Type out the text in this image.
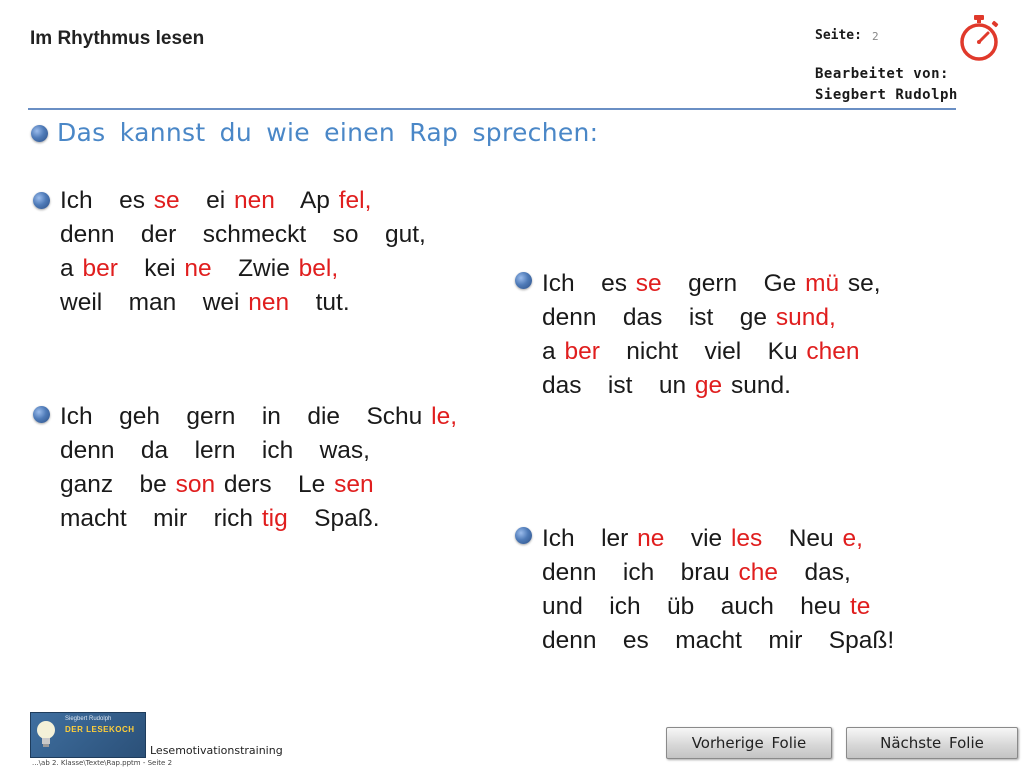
Im Rhythmus lesen	Seite: 2
Bearbeitet von:
Siegbert Rudolph
Das kannst du wie einen Rap sprechen:
Ich   es se   ei nen   Ap fel,
denn   der   schmeckt   so   gut,
a ber   kei ne   Zwie bel,
weil   man   wei nen   tut.
Ich   geh   gern   in   die   Schu le,
denn   da   lern   ich   was,
ganz   be son ders   Le sen
macht   mir   rich tig   Spaß.
Ich   es se   gern   Ge mü se,
denn   das   ist   ge sund,
a ber   nicht   viel   Ku chen
das   ist   un ge sund.
Ich   ler ne   vie les   Neu e,
denn   ich   brau che   das,
und   ich   üb   auch   heu te
denn   es   macht   mir   Spaß!
Siegbert Rudolph
DER LESEKOCH
Lesemotivationstraining
...\ab 2. Klasse\Texte\Rap.pptm - Seite 2
Vorherige Folie	Nächste Folie
